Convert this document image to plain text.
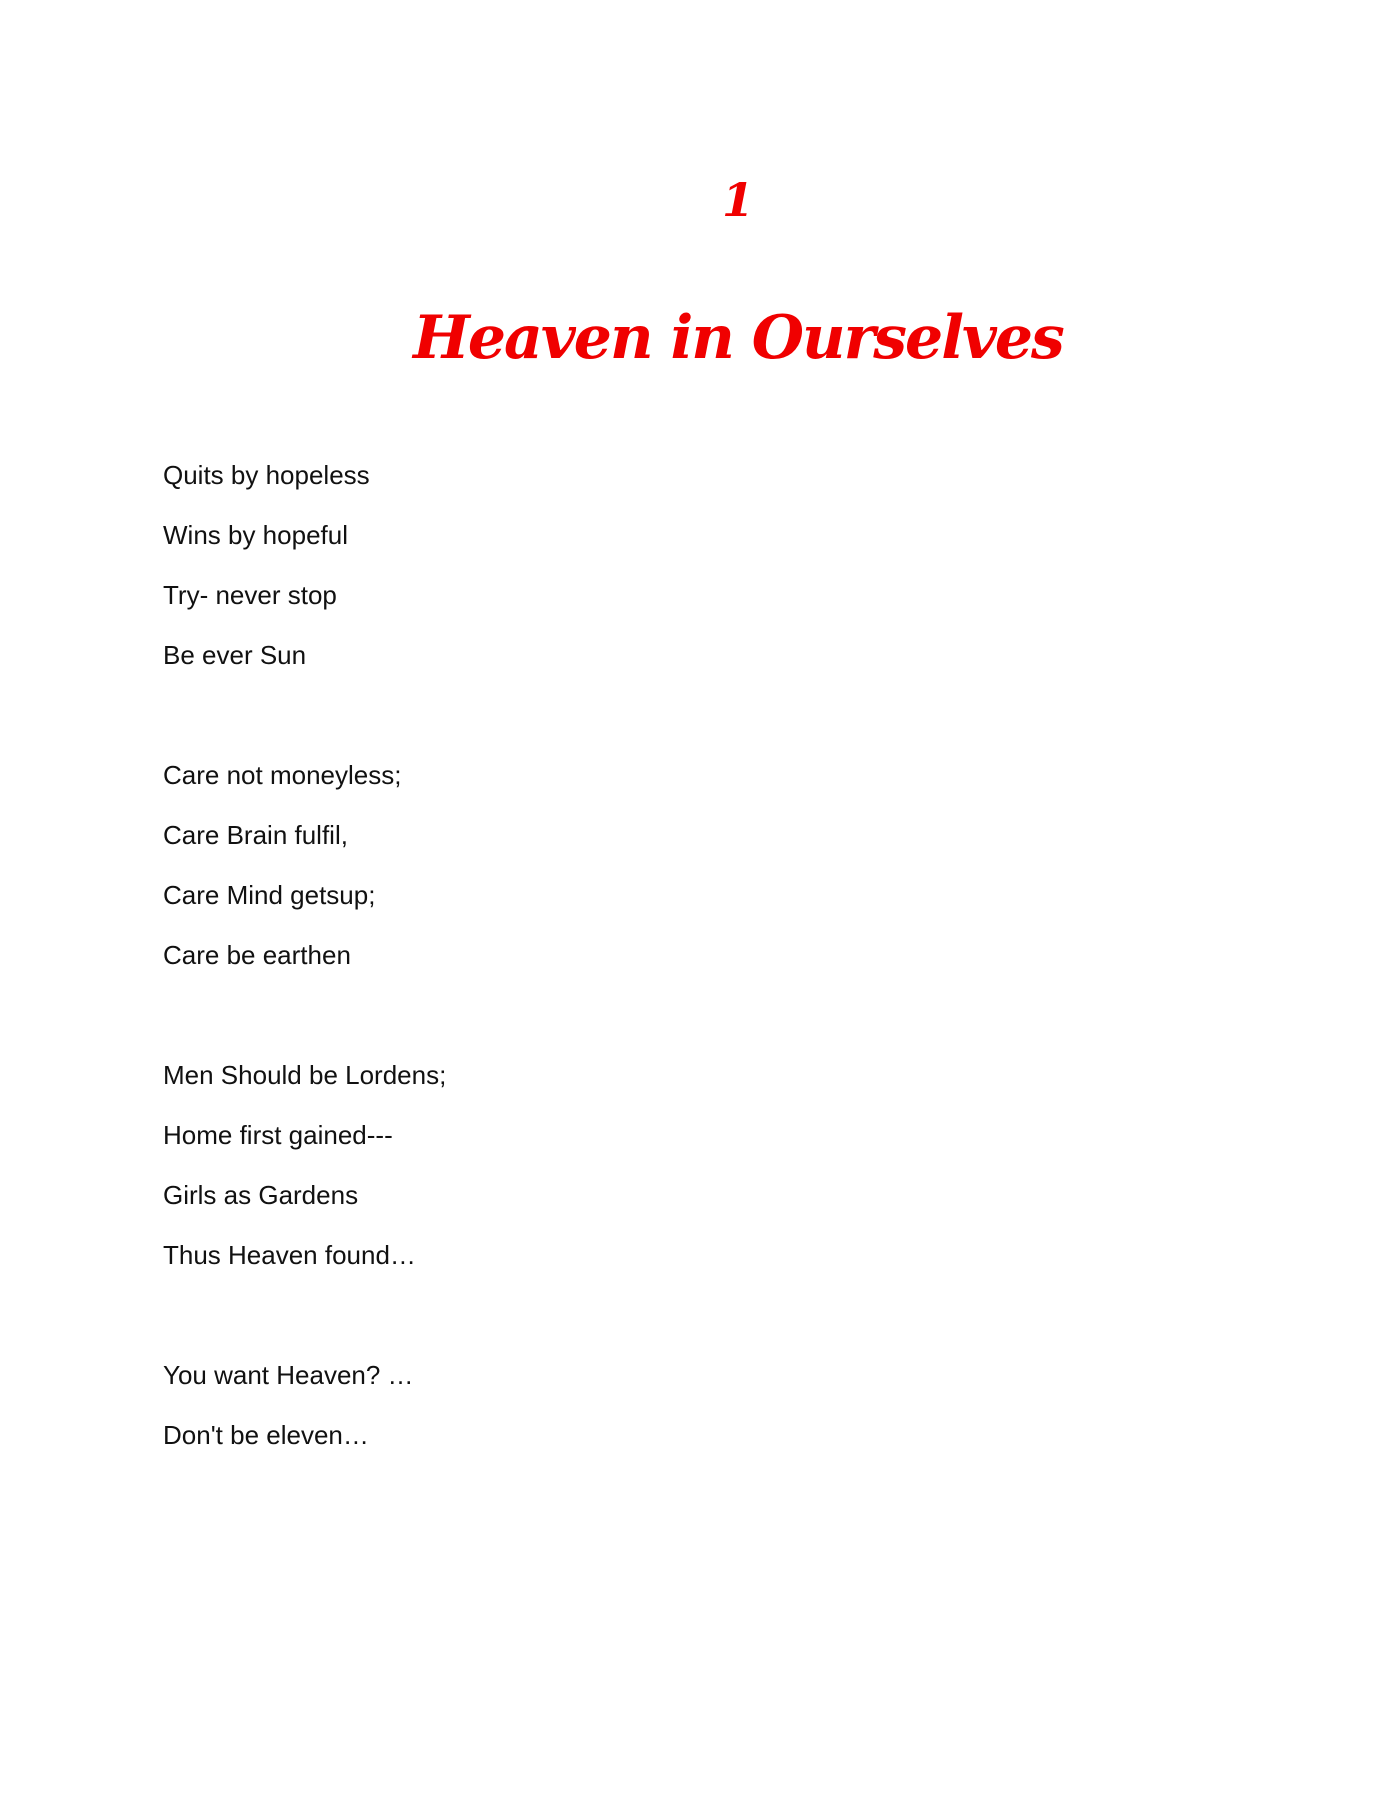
1
Heaven in Ourselves
Quits by hopeless
Wins by hopeful
Try- never stop
Be ever Sun
Care not moneyless;
Care Brain fulfil,
Care Mind getsup;
Care be earthen
Men Should be Lordens;
Home first gained---
Girls as Gardens
Thus Heaven found…
You want Heaven? …
Don't be eleven…
